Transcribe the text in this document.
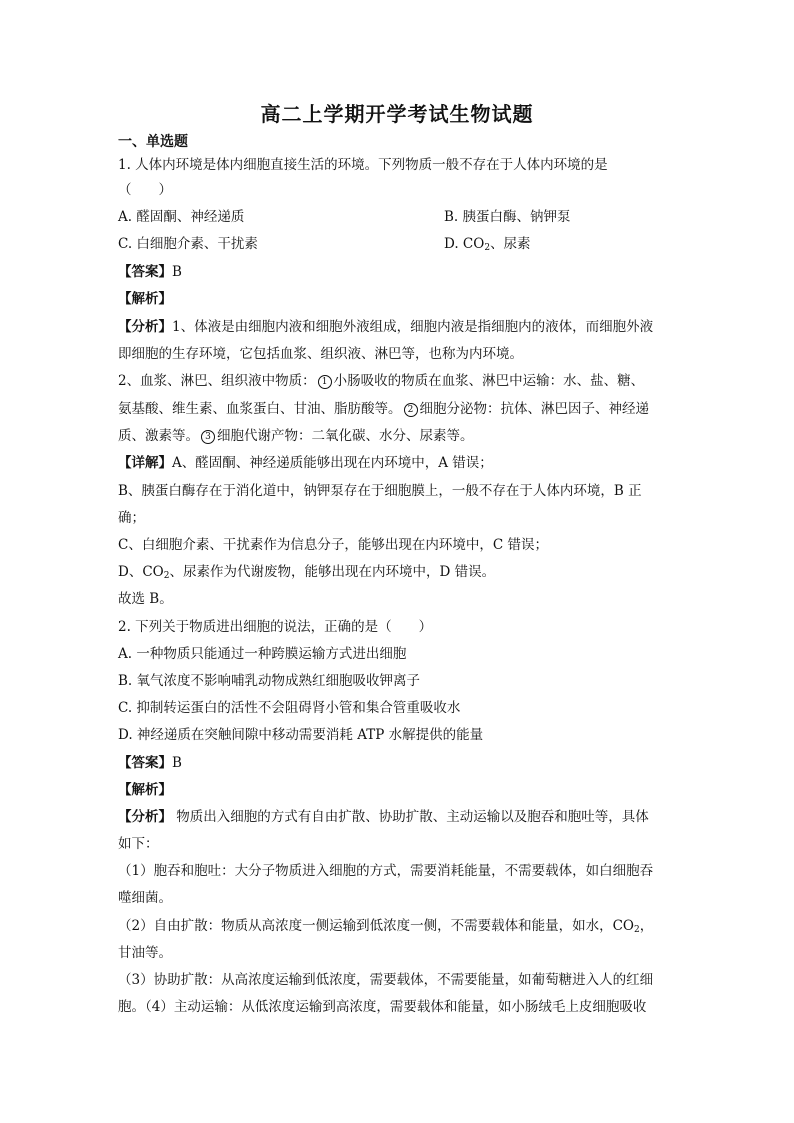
高二上学期开学考试生物试题
一、单选题
1. 人体内环境是体内细胞直接生活的环境。下列物质一般不存在于人体内环境的是
（　　）
A. 醛固酮、神经递质	B. 胰蛋白酶、钠钾泵
C. 白细胞介素、干扰素	D. $CO_2$、尿素
【答案】B
【解析】
【分析】1、体液是由细胞内液和细胞外液组成，细胞内液是指细胞内的液体，而细胞外液
即细胞的生存环境，它包括血浆、组织液、淋巴等，也称为内环境。
2、血浆、淋巴、组织液中物质： 1 小肠吸收的物质在血浆、淋巴中运输：水、盐、糖、
氨基酸、维生素、血浆蛋白、甘油、脂肪酸等。 2 细胞分泌物：抗体、淋巴因子、神经递
质、激素等。 3 细胞代谢产物：二氧化碳、水分、尿素等。
【详解】A、醛固酮、神经递质能够出现在内环境中，A 错误；
B、胰蛋白酶存在于消化道中，钠钾泵存在于细胞膜上，一般不存在于人体内环境，B 正
确；
C、白细胞介素、干扰素作为信息分子，能够出现在内环境中，C 错误；
D、$CO_2$、尿素作为代谢废物，能够出现在内环境中，D 错误。
故选 B。
2. 下列关于物质进出细胞的说法，正确的是（　　）
A. 一种物质只能通过一种跨膜运输方式进出细胞
B. 氧气浓度不影响哺乳动物成熟红细胞吸收钾离子
C. 抑制转运蛋白的活性不会阻碍肾小管和集合管重吸收水
D. 神经递质在突触间隙中移动需要消耗 ATP 水解提供的能量
【答案】B
【解析】
【分析】 物质出入细胞的方式有自由扩散、协助扩散、主动运输以及胞吞和胞吐等，具体
如下：
（1）胞吞和胞吐：大分子物质进入细胞的方式，需要消耗能量，不需要载体，如白细胞吞
噬细菌。
（2）自由扩散：物质从高浓度一侧运输到低浓度一侧，不需要载体和能量，如水，$CO_2$，
甘油等。
（3）协助扩散：从高浓度运输到低浓度，需要载体，不需要能量，如葡萄糖进入人的红细
胞。（4）主动运输：从低浓度运输到高浓度，需要载体和能量，如小肠绒毛上皮细胞吸收
